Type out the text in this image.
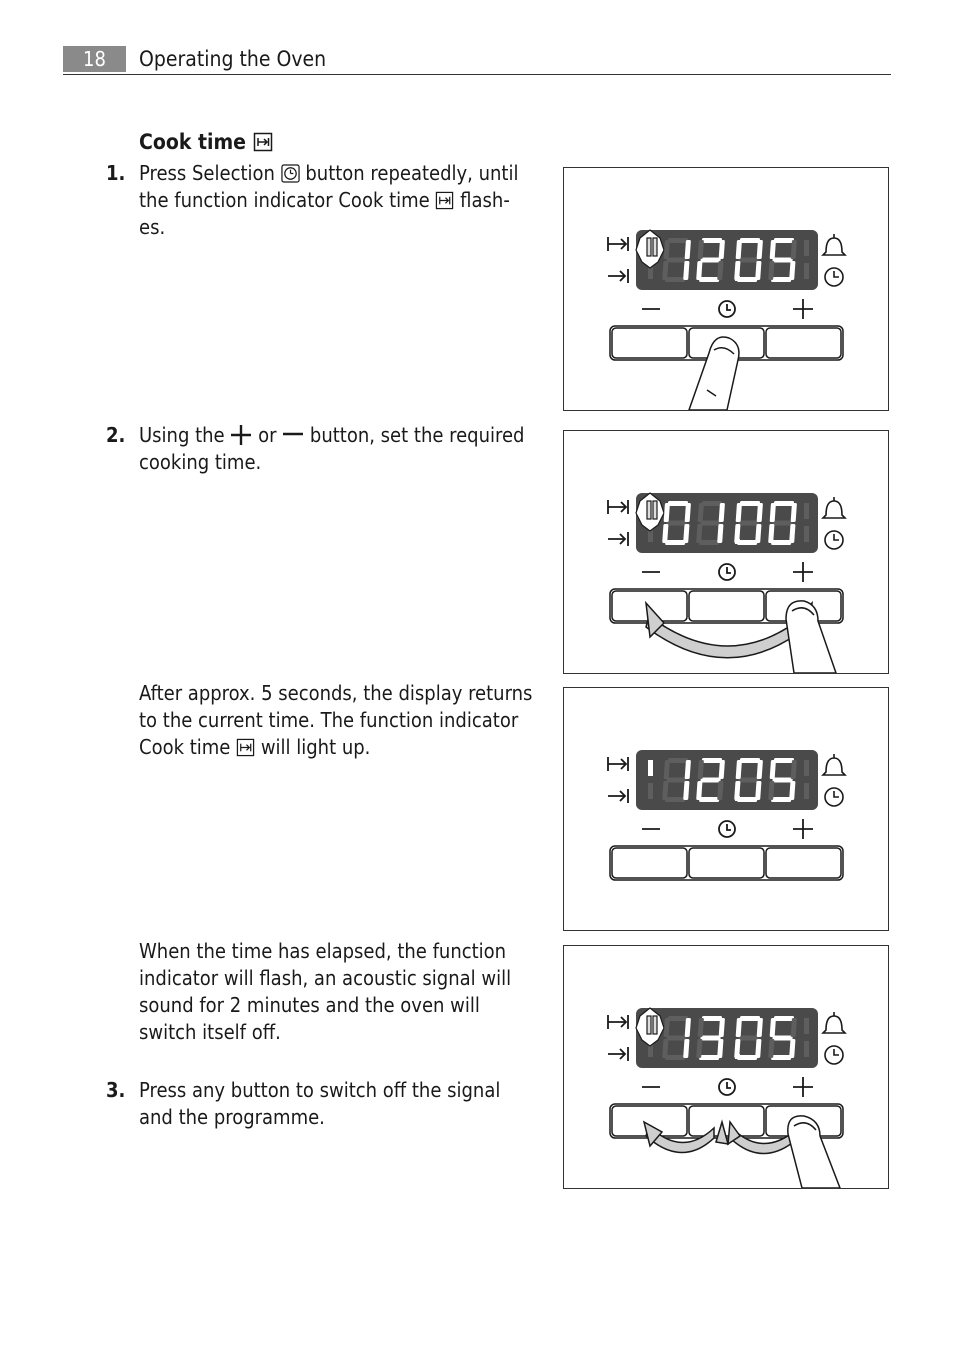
18	Operating the Oven
Cook time
1. Press Selection button repeatedly, until
the function indicator Cook time flash-
es.
2. Using the or button, set the required
cooking time.
After approx. 5 seconds, the display returns
to the current time. The function indicator
Cook time will light up.
When the time has elapsed, the function
indicator will flash, an acoustic signal will
sound for 2 minutes and the oven will
switch itself off.
3. Press any button to switch off the signal
and the programme.
